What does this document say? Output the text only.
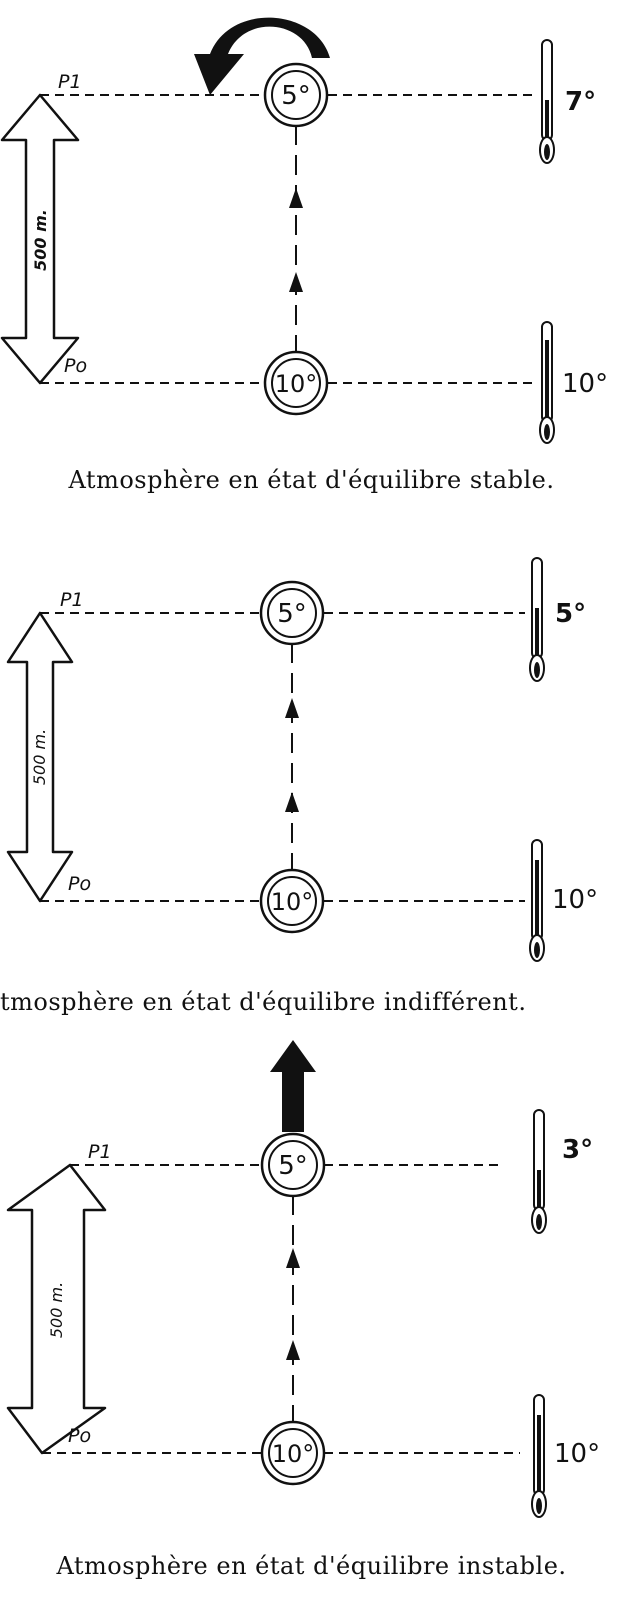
500 m.
P1
Po
5°
10°
7°
10°
Atmosphère en état d'équilibre stable.
500 m.
P1
Po
5°
10°
5°
10°
tmosphère en état d'équilibre indifférent.
500 m.
P1
Po
5°
10°
3°
10°
Atmosphère en état d'équilibre instable.
